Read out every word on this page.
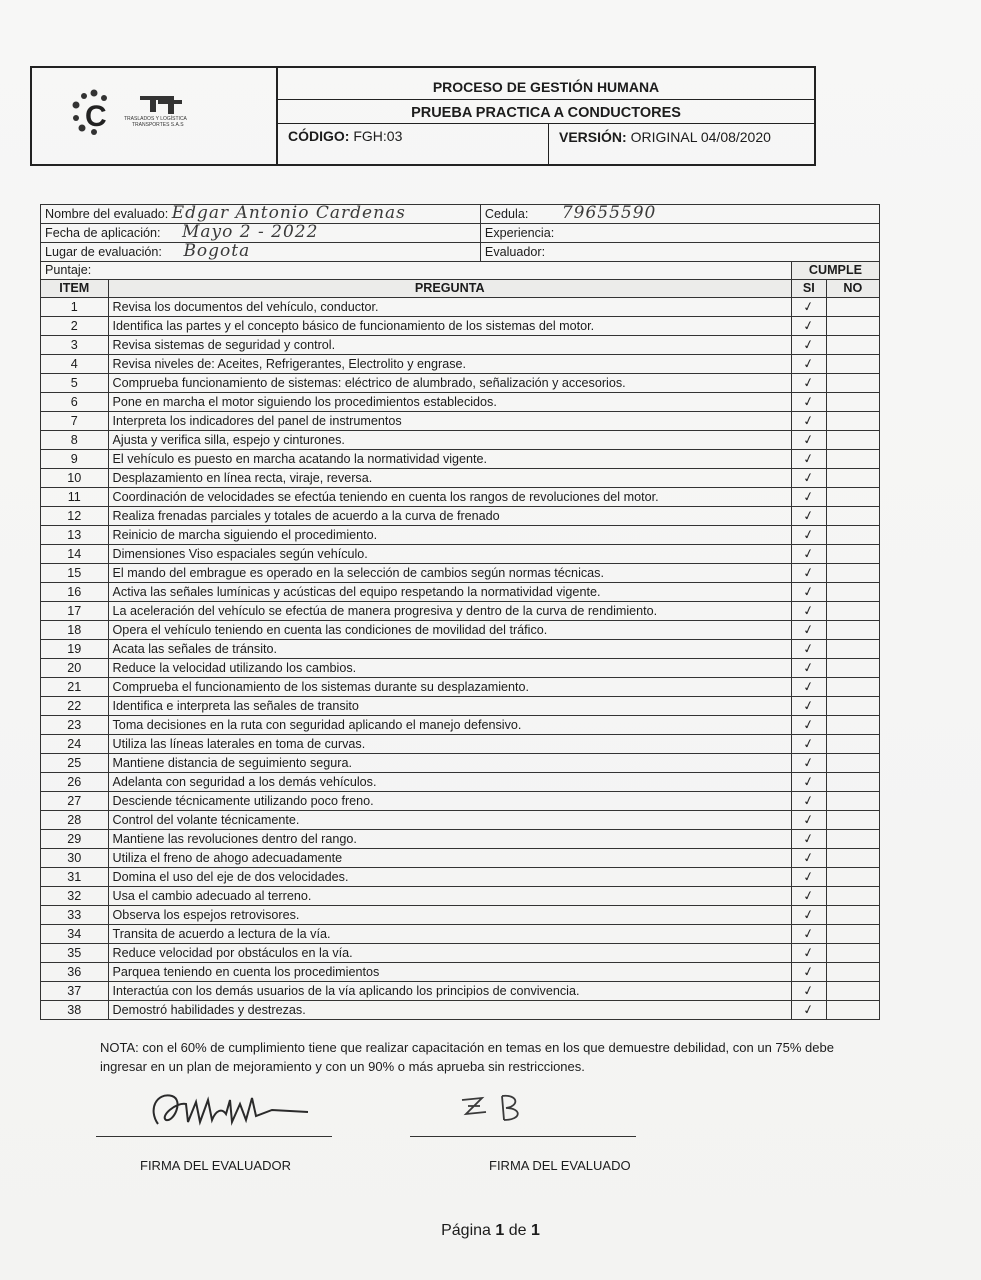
C	TRASLADOS Y LOGÍSTICA
TRANSPORTES S.A.S
PROCESO DE GESTIÓN HUMANA
PRUEBA PRACTICA A CONDUCTORES
CÓDIGO: FGH:03	VERSIÓN: ORIGINAL 04/08/2020
Nombre del evaluado: Edgar Antonio Cardenas		Cedula: 79655590		
Fecha de aplicación: Mayo 2 - 2022		Experiencia:		
Lugar de evaluación: Bogota		Evaluador:		
Puntaje:			CUMPLE	
ITEM	PREGUNTA		SI	NO
1	Revisa los documentos del vehículo, conductor.		✓	
2	Identifica las partes y el concepto básico de funcionamiento de los sistemas del motor.		✓	
3	Revisa sistemas de seguridad y control.		✓	
4	Revisa niveles de: Aceites, Refrigerantes, Electrolito y engrase.		✓	
5	Comprueba funcionamiento de sistemas: eléctrico de alumbrado, señalización y accesorios.		✓	
6	Pone en marcha el motor siguiendo los procedimientos establecidos.		✓	
7	Interpreta los indicadores del panel de instrumentos		✓	
8	Ajusta y verifica silla, espejo y cinturones.		✓	
9	El vehículo es puesto en marcha acatando la normatividad vigente.		✓	
10	Desplazamiento en línea recta, viraje, reversa.		✓	
11	Coordinación de velocidades se efectúa teniendo en cuenta los rangos de revoluciones del motor.		✓	
12	Realiza frenadas parciales y totales de acuerdo a la curva de frenado		✓	
13	Reinicio de marcha siguiendo el procedimiento.		✓	
14	Dimensiones Viso espaciales según vehículo.		✓	
15	El mando del embrague es operado en la selección de cambios según normas técnicas.		✓	
16	Activa las señales lumínicas y acústicas del equipo respetando la normatividad vigente.		✓	
17	La aceleración del vehículo se efectúa de manera progresiva y dentro de la curva de rendimiento.		✓	
18	Opera el vehículo teniendo en cuenta las condiciones de movilidad del tráfico.		✓	
19	Acata las señales de tránsito.		✓	
20	Reduce la velocidad utilizando los cambios.		✓	
21	Comprueba el funcionamiento de los sistemas durante su desplazamiento.		✓	
22	Identifica e interpreta las señales de transito		✓	
23	Toma decisiones en la ruta con seguridad aplicando el manejo defensivo.		✓	
24	Utiliza las líneas laterales en toma de curvas.		✓	
25	Mantiene distancia de seguimiento segura.		✓	
26	Adelanta con seguridad a los demás vehículos.		✓	
27	Desciende técnicamente utilizando poco freno.		✓	
28	Control del volante técnicamente.		✓	
29	Mantiene las revoluciones dentro del rango.		✓	
30	Utiliza el freno de ahogo adecuadamente		✓	
31	Domina el uso del eje de dos velocidades.		✓	
32	Usa el cambio adecuado al terreno.		✓	
33	Observa los espejos retrovisores.		✓	
34	Transita de acuerdo a lectura de la vía.		✓	
35	Reduce velocidad por obstáculos en la vía.		✓	
36	Parquea teniendo en cuenta los procedimientos		✓	
37	Interactúa con los demás usuarios de la vía aplicando los principios de convivencia.		✓	
38	Demostró habilidades y destrezas.		✓	
NOTA: con el 60% de cumplimiento tiene que realizar capacitación en temas en los que demuestre debilidad, con un 75% debe ingresar en un plan de mejoramiento y con un 90% o más aprueba sin restricciones.
FIRMA DEL EVALUADOR	FIRMA DEL EVALUADO
Página 1 de 1
